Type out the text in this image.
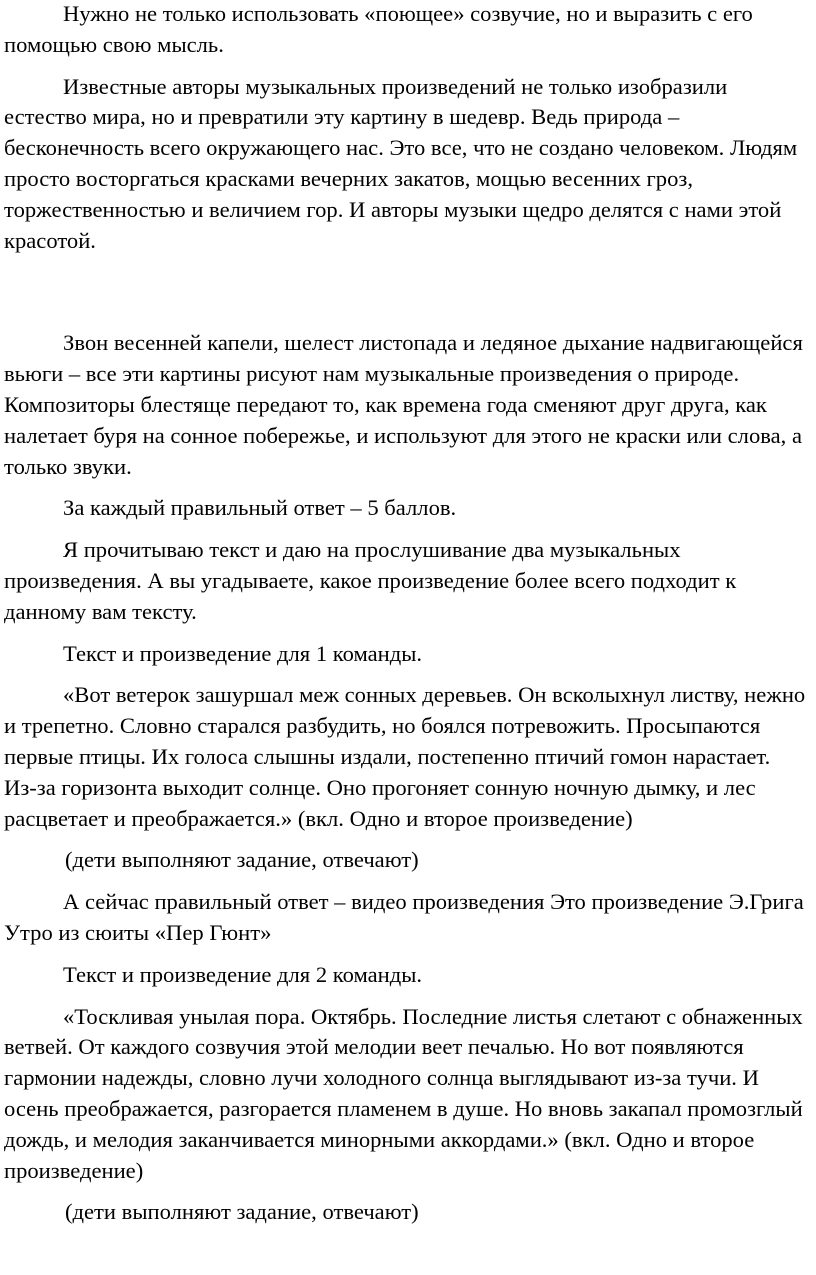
Нужно не только использовать «поющее» созвучие, но и выразить с его помощью свою мысль.

Известные авторы музыкальных произведений не только изобразили естество мира, но и превратили эту картину в шедевр. Ведь природа – бесконечность всего окружающего нас. Это все, что не создано человеком. Людям просто восторгаться красками вечерних закатов, мощью весенних гроз, торжественностью и величием гор. И авторы музыки щедро делятся с нами этой красотой.

Звон весенней капели, шелест листопада и ледяное дыхание надвигающейся вьюги – все эти картины рисуют нам музыкальные произведения о природе. Композиторы блестяще передают то, как времена года сменяют друг друга, как налетает буря на сонное побережье, и используют для этого не краски или слова, а только звуки.

За каждый правильный ответ – 5 баллов.

Я прочитываю текст и даю на прослушивание два музыкальных произведения. А вы угадываете, какое произведение более всего подходит к данному вам тексту.

Текст и произведение для 1 команды.

«Вот ветерок зашуршал меж сонных деревьев. Он всколыхнул листву, нежно и трепетно. Словно старался разбудить, но боялся потревожить. Просыпаются первые птицы. Их голоса слышны издали, постепенно птичий гомон нарастает. Из-за горизонта выходит солнце. Оно прогоняет сонную ночную дымку, и лес расцветает и преображается.» (вкл. Одно и второе произведение)

(дети выполняют задание, отвечают)

А сейчас правильный ответ – видео произведения Это произведение Э.Грига Утро из сюиты «Пер Гюнт»

Текст и произведение для 2 команды.

«Тоскливая унылая пора. Октябрь. Последние листья слетают с обнаженных ветвей. От каждого созвучия этой мелодии веет печалью. Но вот появляются гармонии надежды, словно лучи холодного солнца выглядывают из-за тучи. И осень преображается, разгорается пламенем в душе. Но вновь закапал промозглый дождь, и мелодия заканчивается минорными аккордами.» (вкл. Одно и второе произведение)

(дети выполняют задание, отвечают)
